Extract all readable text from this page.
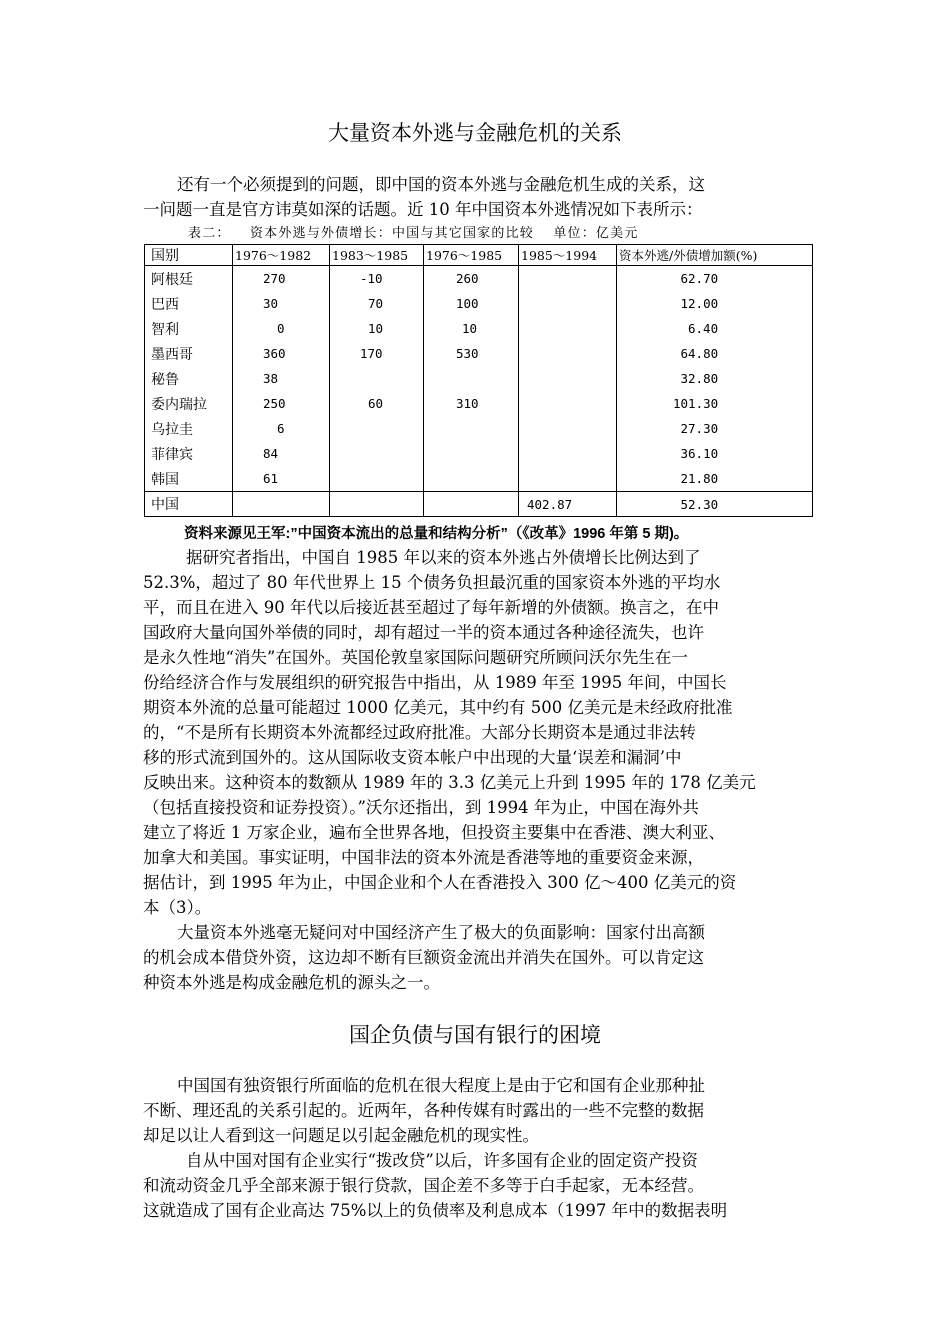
大量资本外逃与金融危机的关系
还有一个必须提到的问题，即中国的资本外逃与金融危机生成的关系，这
一问题一直是官方讳莫如深的话题。近 10 年中国资本外逃情况如下表所示：
表二： 资本外逃与外债增长：中国与其它国家的比较 单位：亿美元
国别	1976～1982	1983～1985	1976～1985	1985～1994	资本外逃/外债增加额(%)
阿根廷	270	-10	260		62.70
巴西	30	70	100		12.00
智利	0	10	10		6.40
墨西哥	360	170	530		64.80
秘鲁	38				32.80
委内瑞拉	250	60	310		101.30
乌拉圭	6				27.30
菲律宾	84				36.10
韩国	61				21.80
中国				402.87	52.30
资料来源见王军:”中国资本流出的总量和结构分析”（《改革》1996 年第 5 期)。
据研究者指出，中国自 1985 年以来的资本外逃占外债增长比例达到了
52.3%，超过了 80 年代世界上 15 个债务负担最沉重的国家资本外逃的平均水
平，而且在进入 90 年代以后接近甚至超过了每年新增的外债额。换言之，在中
国政府大量向国外举债的同时，却有超过一半的资本通过各种途径流失，也许
是永久性地“消失”在国外。英国伦敦皇家国际问题研究所顾问沃尔先生在一
份给经济合作与发展组织的研究报告中指出，从 1989 年至 1995 年间，中国长
期资本外流的总量可能超过 1000 亿美元，其中约有 500 亿美元是未经政府批准
的，“不是所有长期资本外流都经过政府批准。大部分长期资本是通过非法转
移的形式流到国外的。这从国际收支资本帐户中出现的大量‘误差和漏洞’中
反映出来。这种资本的数额从 1989 年的 3.3 亿美元上升到 1995 年的 178 亿美元
（包括直接投资和证券投资）。”沃尔还指出，到 1994 年为止，中国在海外共
建立了将近 1 万家企业，遍布全世界各地，但投资主要集中在香港、澳大利亚、
加拿大和美国。事实证明，中国非法的资本外流是香港等地的重要资金来源，
据估计，到 1995 年为止，中国企业和个人在香港投入 300 亿～400 亿美元的资
本（3）。
大量资本外逃毫无疑问对中国经济产生了极大的负面影响：国家付出高额
的机会成本借贷外资，这边却不断有巨额资金流出并消失在国外。可以肯定这
种资本外逃是构成金融危机的源头之一。
国企负债与国有银行的困境
中国国有独资银行所面临的危机在很大程度上是由于它和国有企业那种扯
不断、理还乱的关系引起的。近两年，各种传媒有时露出的一些不完整的数据
却足以让人看到这一问题足以引起金融危机的现实性。
自从中国对国有企业实行“拨改贷”以后，许多国有企业的固定资产投资
和流动资金几乎全部来源于银行贷款，国企差不多等于白手起家，无本经营。
这就造成了国有企业高达 75%以上的负债率及利息成本（1997 年中的数据表明
